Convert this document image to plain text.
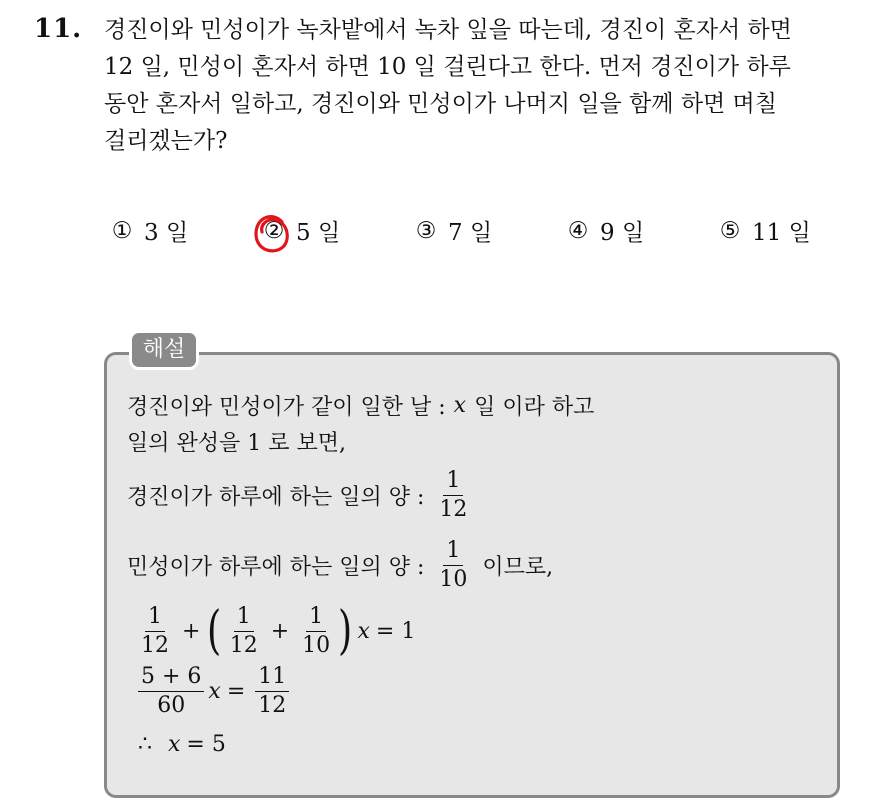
11. 경진이와 민성이가 녹차밭에서 녹차 잎을 따는데, 경진이 혼자서 하면
12 일, 민성이 혼자서 하면 10 일 걸린다고 한다. 먼저 경진이가 하루
동안 혼자서 일하고, 경진이와 민성이가 나머지 일을 함께 하면 며칠
걸리겠는가?
① 3 일	② 5 일	③ 7 일	④ 9 일	⑤ 11 일
해설
경진이와 민성이가 같이 일한 날 : x 일 이라 하고
일의 완성을 1 로 보면,
경진이가 하루에 하는 일의 양 : $\frac{1}{12}$
민성이가 하루에 하는 일의 양 : $\frac{1}{10}$ 이므로,
$\frac{1}{12}$ + ( $\frac{1}{12} + \frac{1}{10}$ ) x = 1
$\frac{5 + 6}{60}$ $x = \frac{11}{12}$
∴ x = 5
